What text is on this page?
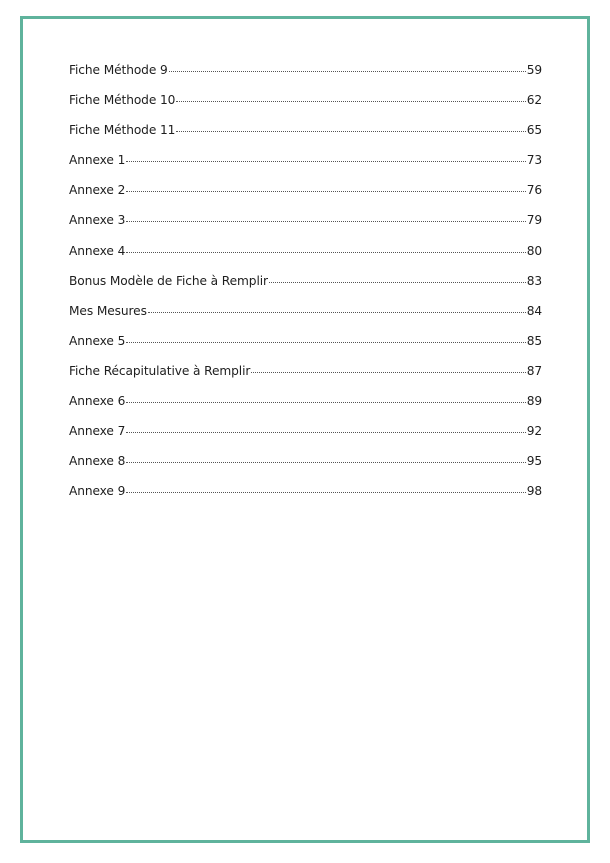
Fiche Méthode 9	59
Fiche Méthode 10	62
Fiche Méthode 11	65
Annexe 1	73
Annexe 2	76
Annexe 3	79
Annexe 4	80
Bonus Modèle de Fiche à Remplir	83
Mes Mesures	84
Annexe 5	85
Fiche Récapitulative à Remplir	87
Annexe 6	89
Annexe 7	92
Annexe 8	95
Annexe 9	98
